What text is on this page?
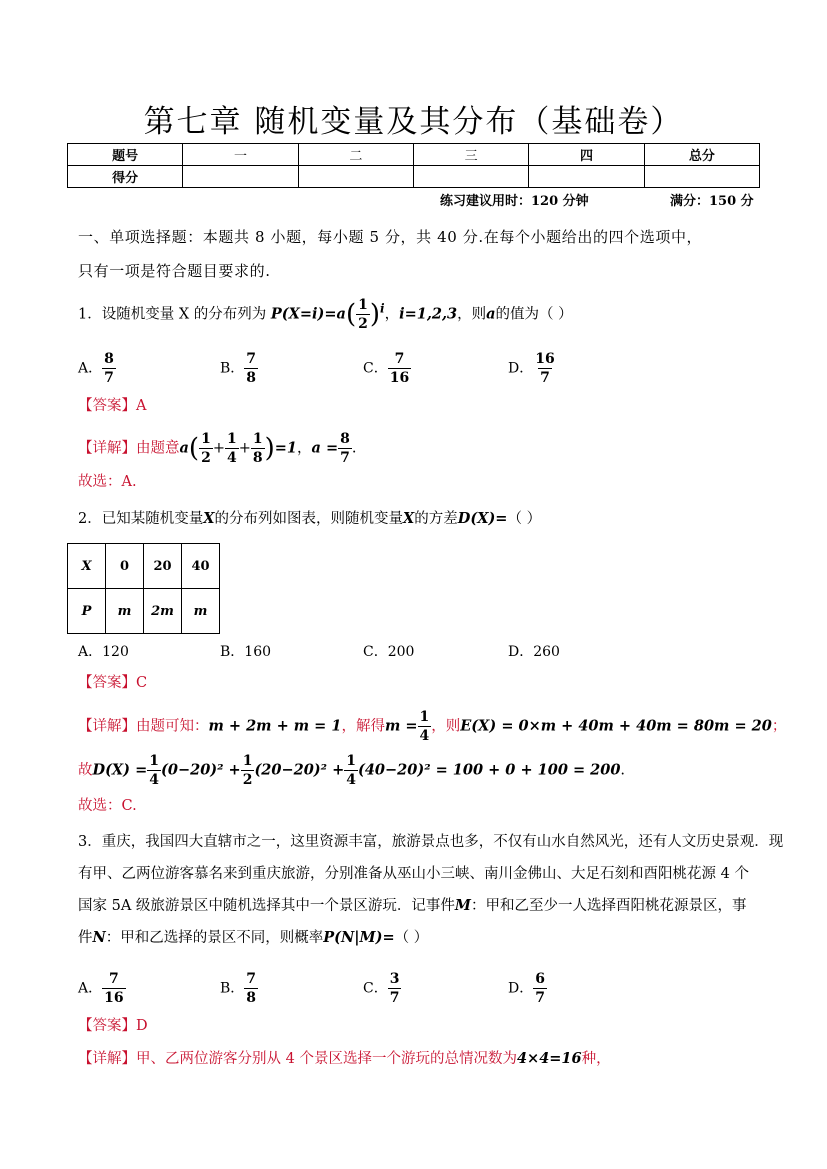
第七章 随机变量及其分布（基础卷）
题号	一	二	三	四	总分
得分					
练习建议用时：120 分钟	满分：150 分
一、单项选择题：本题共 8 小题，每小题 5 分，共 40 分.在每个小题给出的四个选项中，
只有一项是符合题目要求的.
1．设随机变量 X 的分布列为 $P(X=i)=a( \frac{1}{2} )^i$，i=1,2,3，则a的值为（ ）
A． $\frac{8}{7}$	B． $\frac{7}{8}$	C． $\frac{7}{16}$	D． $\frac{16}{7}$
【答案】A
【详解】由题意$a( \frac{1}{2} + \frac{1}{4} + \frac{1}{8} )=1$，$a = \frac{8}{7}$ .
故选：A.
2．已知某随机变量X的分布列如图表，则随机变量X的方差D(X)=（ ）
X	0	20	40
P	m	2m	m
A．120	B．160	C．200	D．260
【答案】C
【详解】由题可知：m + 2m + m = 1，解得$m = \frac{1}{4}$ ，则E(X) = 0×m + 40m + 40m = 80m = 20；
故$D(X) = \frac{1}{4} (0-20)^2 + \frac{1}{2} (20-20)^2 + \frac{1}{4} (40-20)^2 = 100 + 0 + 100 = 200$.
故选：C.
3．重庆，我国四大直辖市之一，这里资源丰富，旅游景点也多，不仅有山水自然风光，还有人文历史景观．现
有甲、乙两位游客慕名来到重庆旅游，分别准备从巫山小三峡、南川金佛山、大足石刻和酉阳桃花源 4 个
国家 5A 级旅游景区中随机选择其中一个景区游玩．记事件M：甲和乙至少一人选择酉阳桃花源景区，事
件N：甲和乙选择的景区不同，则概率P(N|M)=（ ）
A． $\frac{7}{16}$	B． $\frac{7}{8}$	C． $\frac{3}{7}$	D． $\frac{6}{7}$
【答案】D
【详解】甲、乙两位游客分别从 4 个景区选择一个游玩的总情况数为4×4=16种，
